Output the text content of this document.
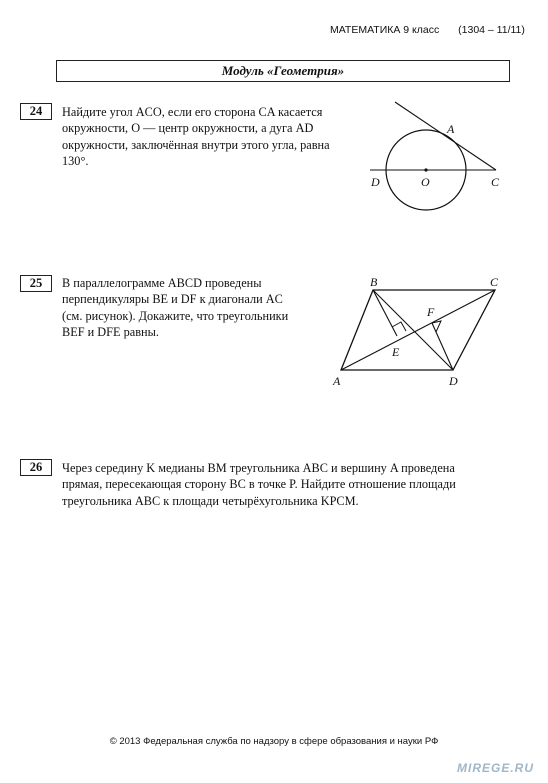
МАТЕМАТИКА 9 класс (1304 – 11/11)
Модуль «Геометрия»
24	Найдите угол ACO, если его сторона CA касается
окружности, O — центр окружности, а дуга AD
окружности, заключённая внутри этого угла, равна
130°.
A
D	O	C
25	В параллелограмме ABCD проведены
перпендикуляры BE и DF к диагонали AC
(см. рисунок). Докажите, что треугольники
BEF и DFE равны.
B	C
A	D
E
F
26	Через середину K медианы BM треугольника ABC и вершину A проведена
прямая, пересекающая сторону BC в точке P. Найдите отношение площади
треугольника ABC к площади четырёхугольника KPCM.
© 2013 Федеральная служба по надзору в сфере образования и науки РФ
MIREGE.RU
